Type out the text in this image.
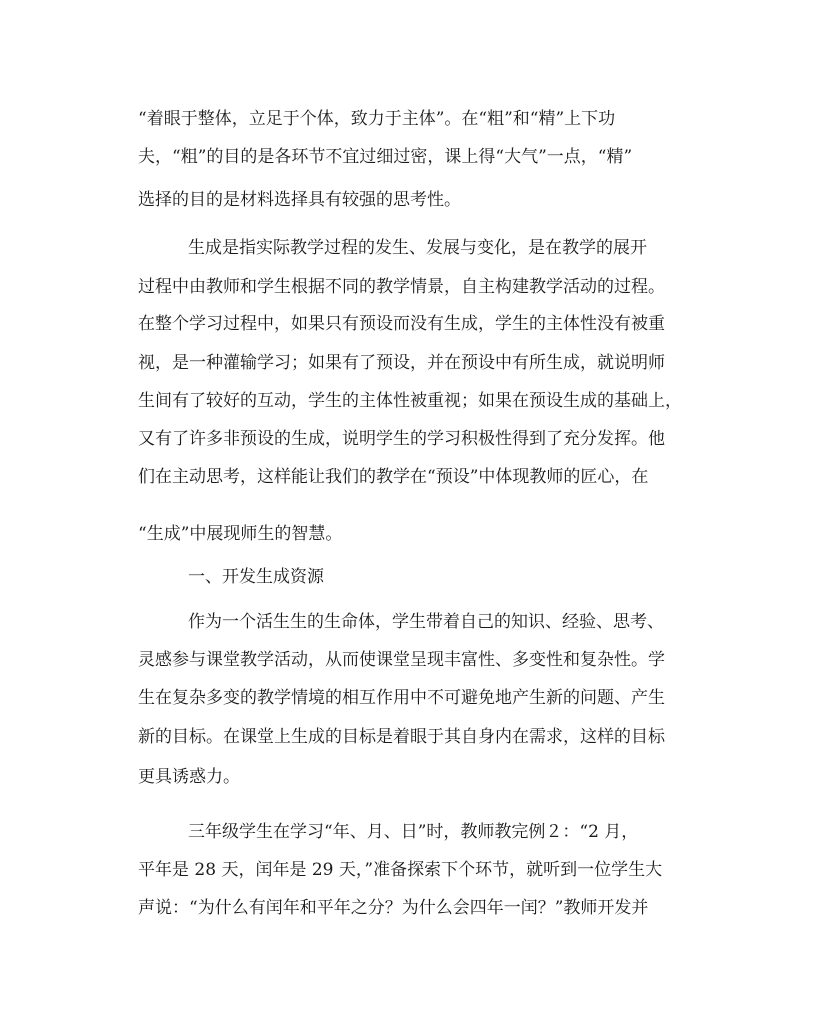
“着眼于整体，立足于个体，致力于主体”。在“粗”和“精”上下功
夫，“粗”的目的是各环节不宜过细过密，课上得“大气”一点，“精”
选择的目的是材料选择具有较强的思考性。
生成是指实际教学过程的发生、发展与变化，是在教学的展开
过程中由教师和学生根据不同的教学情景，自主构建教学活动的过程。
在整个学习过程中，如果只有预设而没有生成，学生的主体性没有被重
视，是一种灌输学习；如果有了预设，并在预设中有所生成，就说明师
生间有了较好的互动，学生的主体性被重视；如果在预设生成的基础上，
又有了许多非预设的生成，说明学生的学习积极性得到了充分发挥。他
们在主动思考，这样能让我们的教学在“预设”中体现教师的匠心，在
“生成”中展现师生的智慧。
一、开发生成资源
作为一个活生生的生命体，学生带着自己的知识、经验、思考、
灵感参与课堂教学活动，从而使课堂呈现丰富性、多变性和复杂性。学
生在复杂多变的教学情境的相互作用中不可避免地产生新的问题、产生
新的目标。在课堂上生成的目标是着眼于其自身内在需求，这样的目标
更具诱惑力。
三年级学生在学习“年、月、日”时，教师教完例２：“2 月，
平年是 28 天，闰年是 29 天，”准备探索下个环节，就听到一位学生大
声说：“为什么有闰年和平年之分？为什么会四年一闰？”教师开发并
